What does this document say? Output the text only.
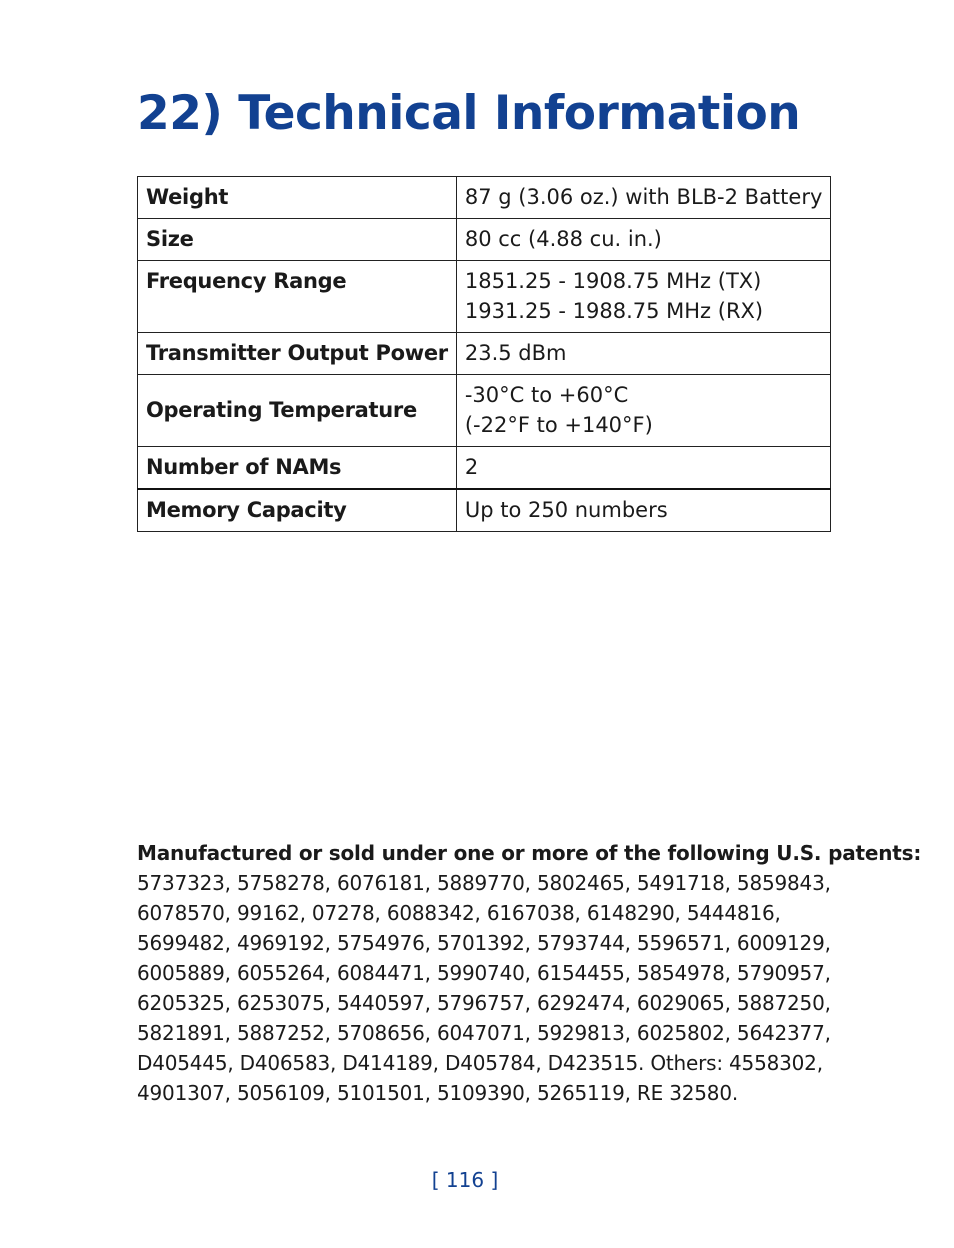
22) Technical Information
Weight	87 g (3.06 oz.) with BLB-2 Battery

Size	80 cc (4.88 cu. in.)

Frequency Range	1851.25 - 1908.75 MHz (TX)
1931.25 - 1988.75 MHz (RX)

Transmitter Output Power	23.5 dBm

Operating Temperature	-30°C to +60°C
(-22°F to +140°F)

Number of NAMs	2

Memory Capacity	Up to 250 numbers
Manufactured or sold under one or more of the following U.S. patents:
5737323, 5758278, 6076181, 5889770, 5802465, 5491718, 5859843,
6078570, 99162, 07278, 6088342, 6167038, 6148290, 5444816,
5699482, 4969192, 5754976, 5701392, 5793744, 5596571, 6009129,
6005889, 6055264, 6084471, 5990740, 6154455, 5854978, 5790957,
6205325, 6253075, 5440597, 5796757, 6292474, 6029065, 5887250,
5821891, 5887252, 5708656, 6047071, 5929813, 6025802, 5642377,
D405445, D406583, D414189, D405784, D423515. Others: 4558302,
4901307, 5056109, 5101501, 5109390, 5265119, RE 32580.
[ 116 ]
